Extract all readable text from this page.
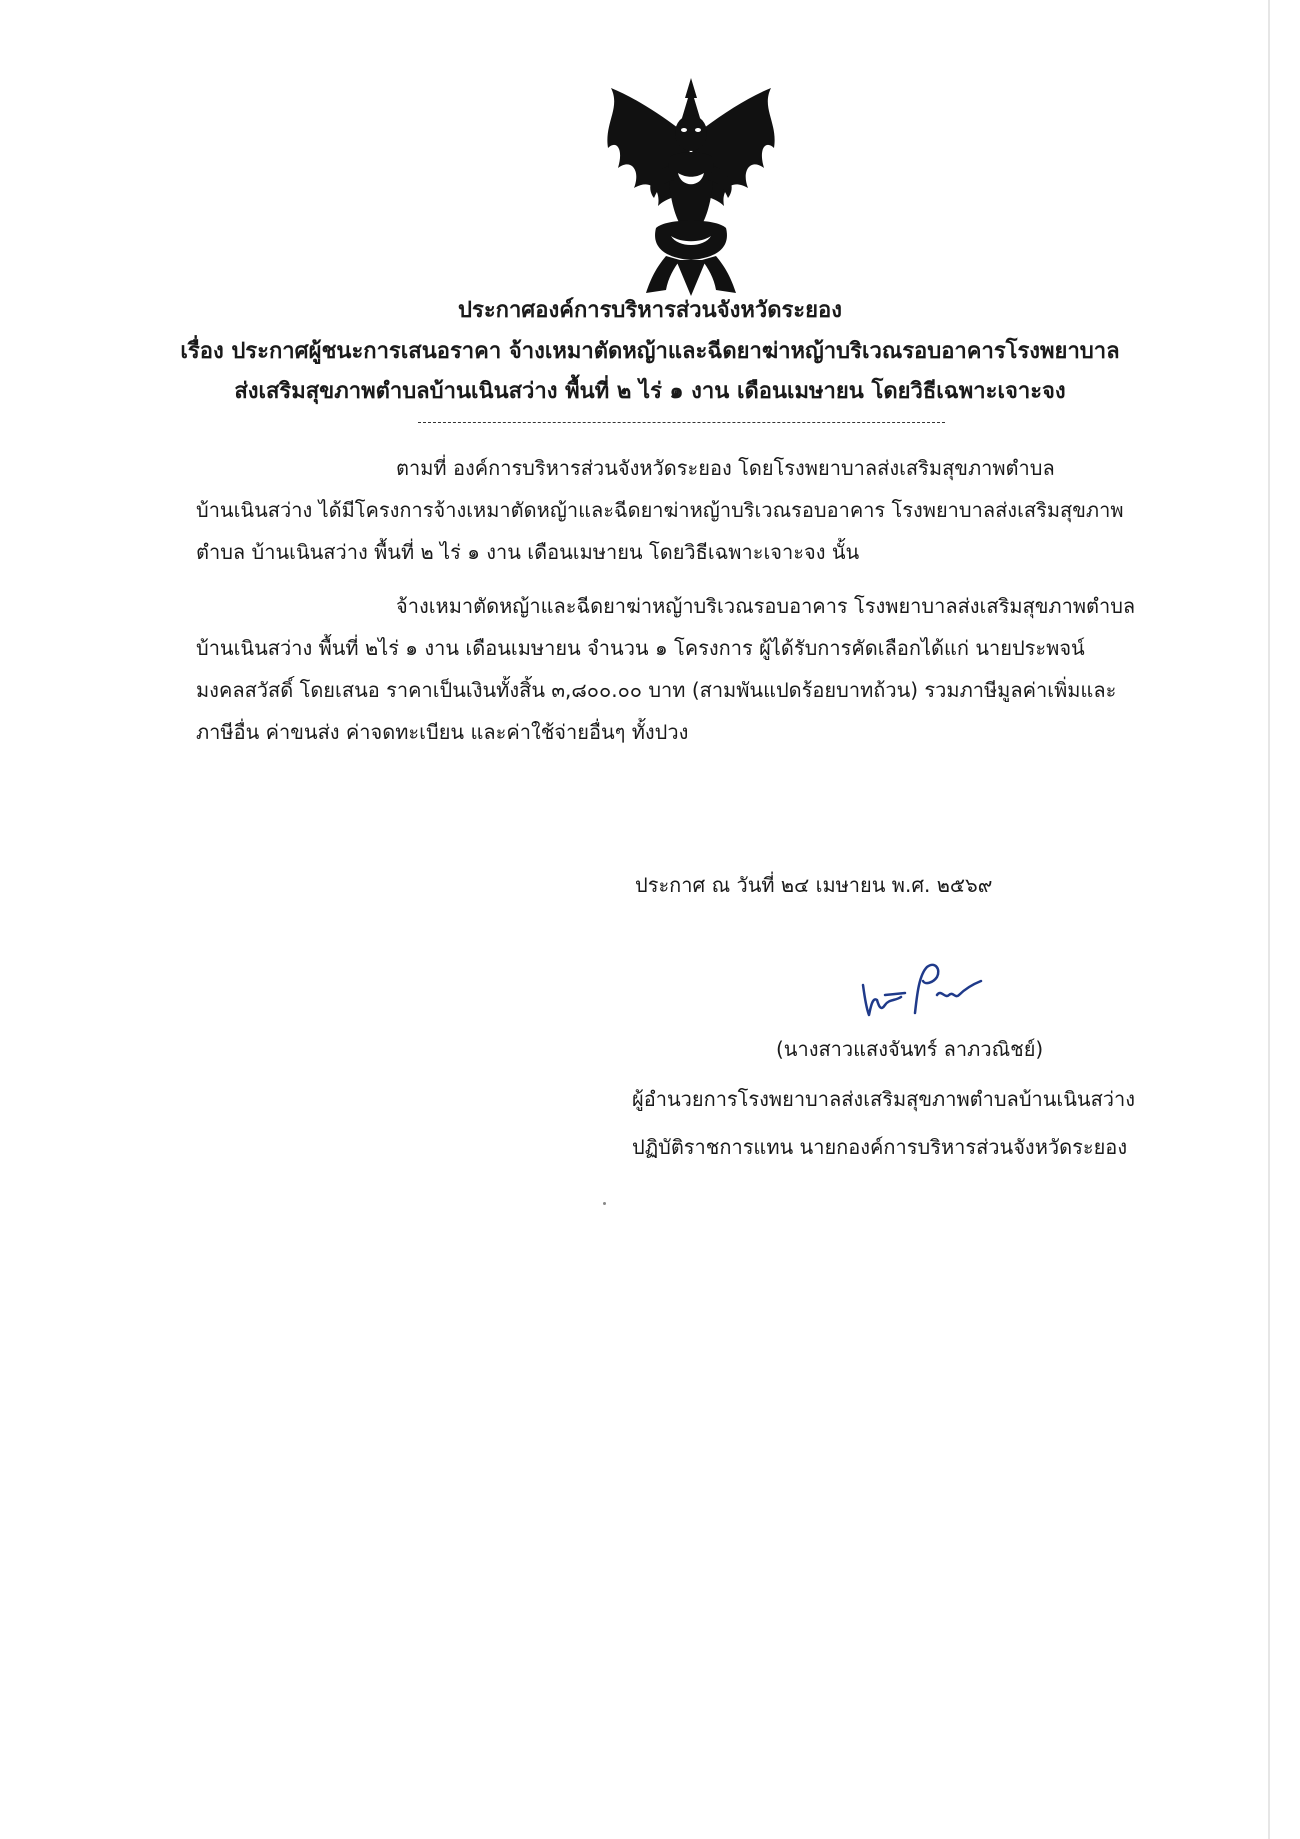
ประกาศองค์การบริหารส่วนจังหวัดระยอง
เรื่อง ประกาศผู้ชนะการเสนอราคา จ้างเหมาตัดหญ้าและฉีดยาฆ่าหญ้าบริเวณรอบอาคารโรงพยาบาล
ส่งเสริมสุขภาพตำบลบ้านเนินสว่าง พื้นที่ ๒ ไร่ ๑ งาน เดือนเมษายน โดยวิธีเฉพาะเจาะจง
ตามที่ องค์การบริหารส่วนจังหวัดระยอง โดยโรงพยาบาลส่งเสริมสุขภาพตำบล
บ้านเนินสว่าง ได้มีโครงการจ้างเหมาตัดหญ้าและฉีดยาฆ่าหญ้าบริเวณรอบอาคาร โรงพยาบาลส่งเสริมสุขภาพ
ตำบล บ้านเนินสว่าง พื้นที่ ๒ ไร่ ๑ งาน เดือนเมษายน โดยวิธีเฉพาะเจาะจง นั้น
จ้างเหมาตัดหญ้าและฉีดยาฆ่าหญ้าบริเวณรอบอาคาร โรงพยาบาลส่งเสริมสุขภาพตำบล
บ้านเนินสว่าง พื้นที่ ๒ไร่ ๑ งาน เดือนเมษายน จำนวน ๑ โครงการ ผู้ได้รับการคัดเลือกได้แก่ นายประพจน์
มงคลสวัสดิ์ โดยเสนอ ราคาเป็นเงินทั้งสิ้น ๓,๘๐๐.๐๐ บาท (สามพันแปดร้อยบาทถ้วน) รวมภาษีมูลค่าเพิ่มและ
ภาษีอื่น ค่าขนส่ง ค่าจดทะเบียน และค่าใช้จ่ายอื่นๆ ทั้งปวง
ประกาศ ณ วันที่ ๒๔ เมษายน พ.ศ. ๒๕๖๙
(นางสาวแสงจันทร์ ลาภวณิชย์)
ผู้อำนวยการโรงพยาบาลส่งเสริมสุขภาพตำบลบ้านเนินสว่าง
ปฏิบัติราชการแทน นายกองค์การบริหารส่วนจังหวัดระยอง
